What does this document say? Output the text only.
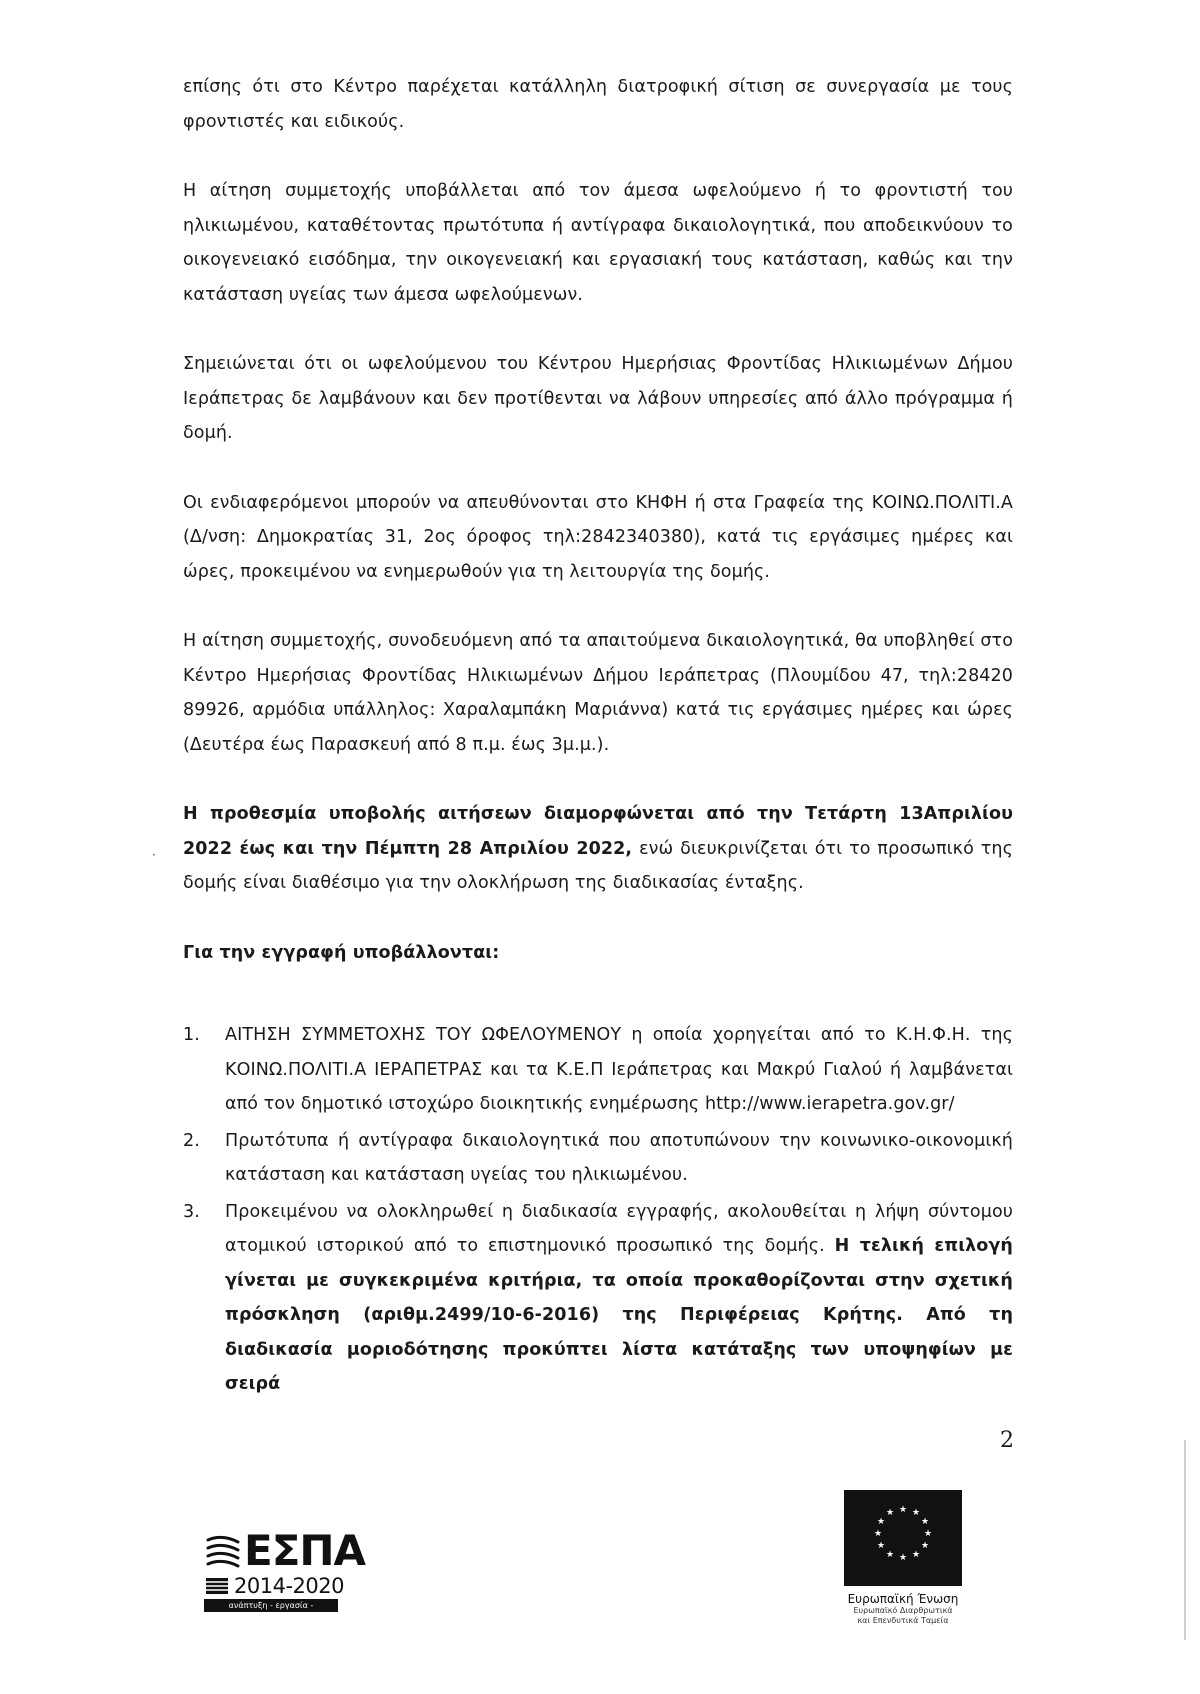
επίσης ότι στο Κέντρο παρέχεται κατάλληλη διατροφική σίτιση σε συνεργασία με τους φροντιστές και ειδικούς.

Η αίτηση συμμετοχής υποβάλλεται από τον άμεσα ωφελούμενο ή το φροντιστή του ηλικιωμένου, καταθέτοντας πρωτότυπα ή αντίγραφα δικαιολογητικά, που αποδεικνύουν το οικογενειακό εισόδημα, την οικογενειακή και εργασιακή τους κατάσταση, καθώς και την κατάσταση υγείας των άμεσα ωφελούμενων.

Σημειώνεται ότι οι ωφελούμενου του Κέντρου Ημερήσιας Φροντίδας Ηλικιωμένων Δήμου Ιεράπετρας δε λαμβάνουν και δεν προτίθενται να λάβουν υπηρεσίες από άλλο πρόγραμμα ή δομή.

Οι ενδιαφερόμενοι μπορούν να απευθύνονται στο ΚΗΦΗ ή στα Γραφεία της ΚΟΙΝΩ.ΠΟΛΙΤΙ.Α (Δ/νση: Δημοκρατίας 31, 2ος όροφος τηλ:2842340380), κατά τις εργάσιμες ημέρες και ώρες, προκειμένου να ενημερωθούν για τη λειτουργία της δομής.

Η αίτηση συμμετοχής, συνοδευόμενη από τα απαιτούμενα δικαιολογητικά, θα υποβληθεί στο Κέντρο Ημερήσιας Φροντίδας Ηλικιωμένων Δήμου Ιεράπετρας (Πλουμίδου 47, τηλ:28420 89926, αρμόδια υπάλληλος: Χαραλαμπάκη Μαριάννα) κατά τις εργάσιμες ημέρες και ώρες (Δευτέρα έως Παρασκευή από 8 π.μ. έως 3μ.μ.).

Η προθεσμία υποβολής αιτήσεων διαμορφώνεται από την Τετάρτη 13Απριλίου 2022 έως και την Πέμπτη 28 Απριλίου 2022, ενώ διευκρινίζεται ότι το προσωπικό της δομής είναι διαθέσιμο για την ολοκλήρωση της διαδικασίας ένταξης.

Για την εγγραφή υποβάλλονται:

1. ΑΙΤΗΣΗ ΣΥΜΜΕΤΟΧΗΣ ΤΟΥ ΩΦΕΛΟΥΜΕΝΟΥ η οποία χορηγείται από το Κ.Η.Φ.Η. της ΚΟΙΝΩ.ΠΟΛΙΤΙ.Α ΙΕΡΑΠΕΤΡΑΣ και τα Κ.Ε.Π Ιεράπετρας και Μακρύ Γιαλού ή λαμβάνεται από τον δημοτικό ιστοχώρο διοικητικής ενημέρωσης http://www.ierapetra.gov.gr/
2. Πρωτότυπα ή αντίγραφα δικαιολογητικά που αποτυπώνουν την κοινωνικο-οικονομική κατάσταση και κατάσταση υγείας του ηλικιωμένου.
3. Προκειμένου να ολοκληρωθεί η διαδικασία εγγραφής, ακολουθείται η λήψη σύντομου ατομικού ιστορικού από το επιστημονικό προσωπικό της δομής. Η τελική επιλογή γίνεται με συγκεκριμένα κριτήρια, τα οποία προκαθορίζονται στην σχετική πρόσκληση (αριθμ.2499/10-6-2016) της Περιφέρειας Κρήτης. Από τη διαδικασία μοριοδότησης προκύπτει λίστα κατάταξης των υποψηφίων με σειρά
·
2
ΕΣΠΑ
2014-2020
ανάπτυξη - εργασία - αλληλεγγύη
★ ★
★
★
★
★
★
★
★
★
★
★
Ευρωπαϊκή Ένωση
Ευρωπαϊκό Διαρθρωτικά
και Επενδυτικά Ταμεία
